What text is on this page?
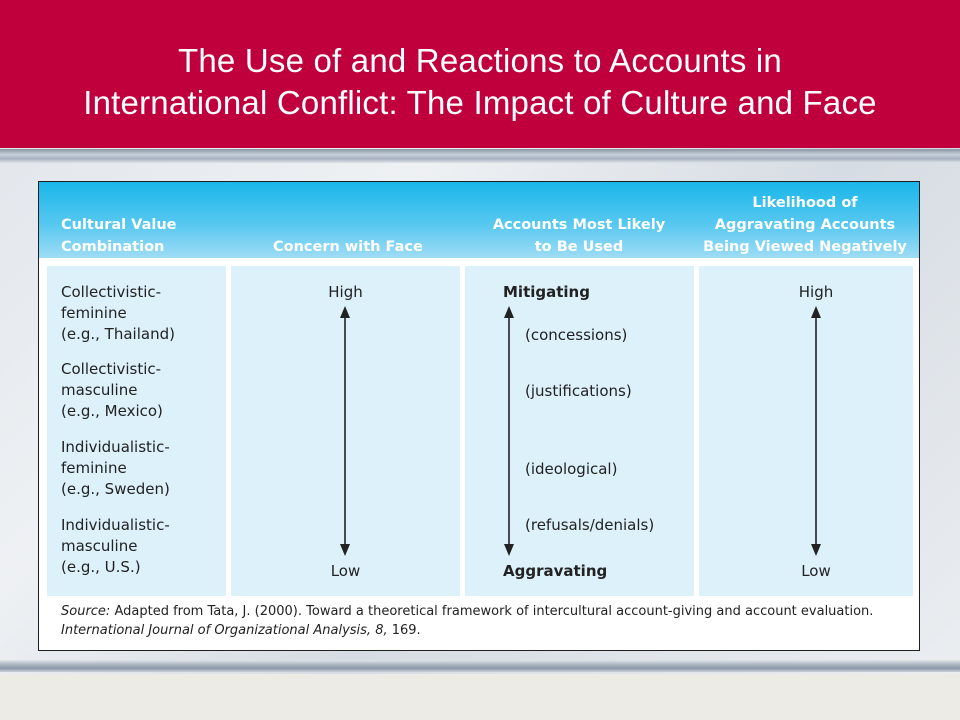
The Use of and Reactions to Accounts in
International Conflict: The Impact of Culture and Face
Cultural Value
Combination	Concern with Face
Accounts Most Likely
to Be Used
Likelihood of
Aggravating Accounts
Being Viewed Negatively
Collectivistic-
feminine
(e.g., Thailand)
Collectivistic-
masculine
(e.g., Mexico)
Individualistic-
feminine
(e.g., Sweden)
Individualistic-
masculine
(e.g., U.S.)
High
Low
Mitigating
(concessions)
(justifications)
(ideological)
(refusals/denials)
Aggravating
High
Low
Source: Adapted from Tata, J. (2000). Toward a theoretical framework of intercultural account-giving and account evaluation.
International Journal of Organizational Analysis, 8, 169.
